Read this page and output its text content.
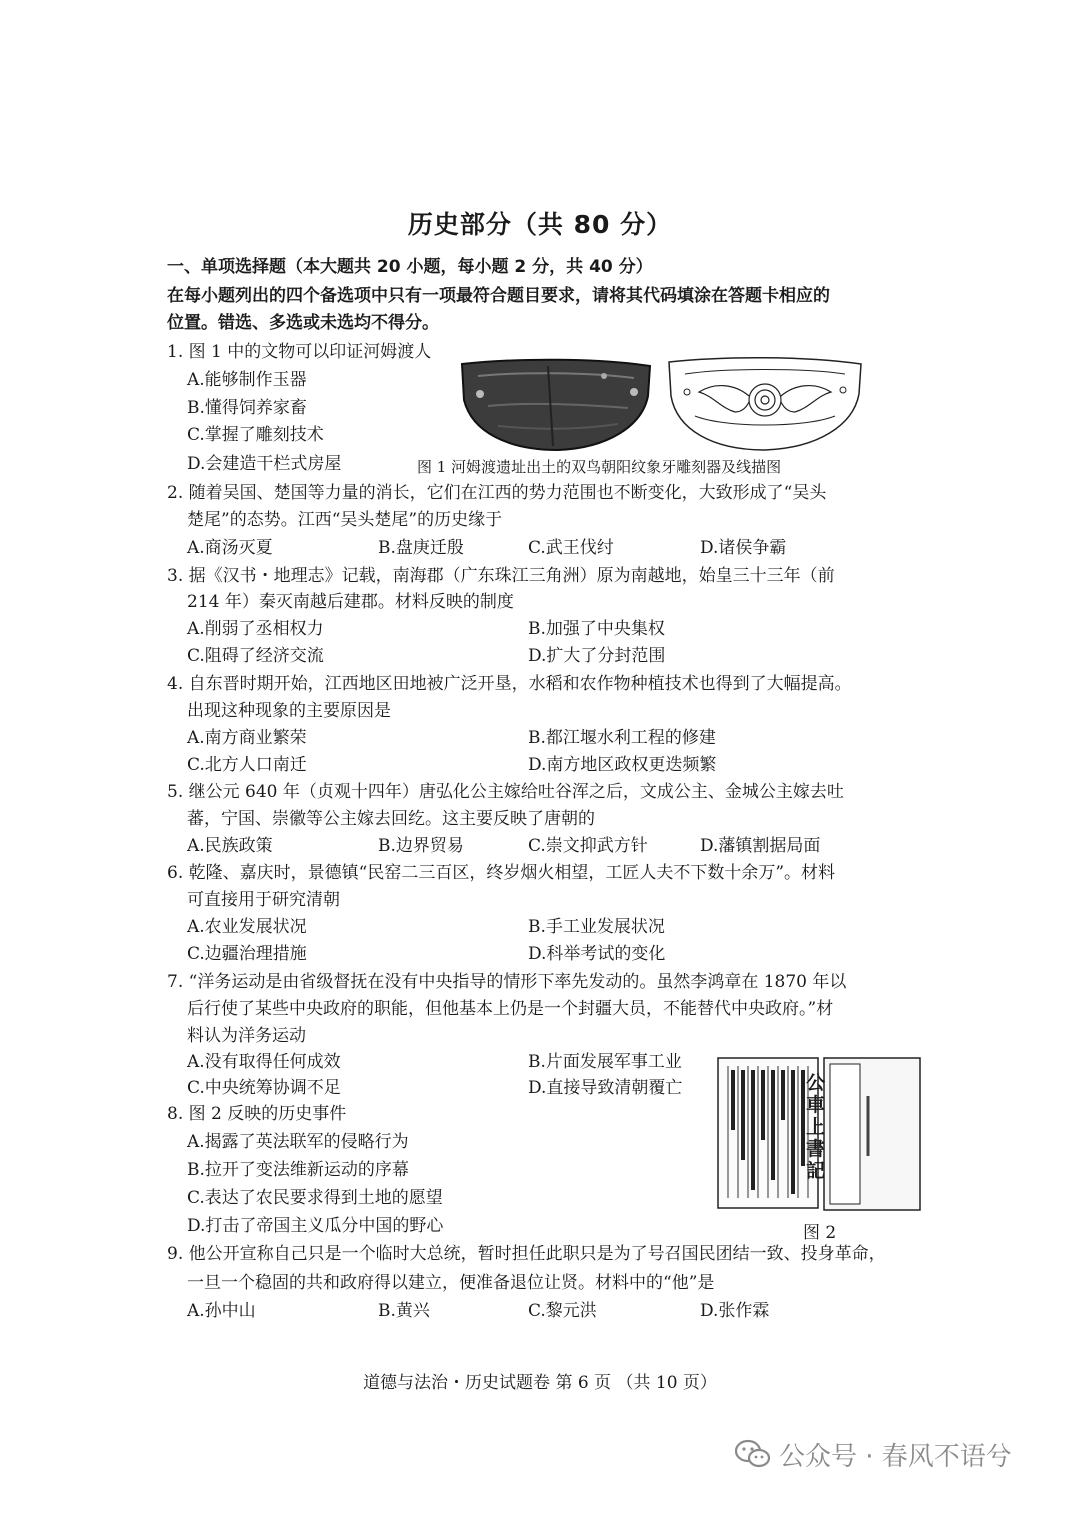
历史部分（共 80 分）
一、单项选择题（本大题共 20 小题，每小题 2 分，共 40 分）
在每小题列出的四个备选项中只有一项最符合题目要求，请将其代码填涂在答题卡相应的
位置。错选、多选或未选均不得分。
1. 图 1 中的文物可以印证河姆渡人
A.能够制作玉器
B.懂得饲养家畜
C.掌握了雕刻技术
D.会建造干栏式房屋	图 1 河姆渡遗址出土的双鸟朝阳纹象牙雕刻器及线描图
2. 随着吴国、楚国等力量的消长，它们在江西的势力范围也不断变化，大致形成了“吴头
楚尾”的态势。江西“吴头楚尾”的历史缘于
A.商汤灭夏	B.盘庚迁殷	C.武王伐纣	D.诸侯争霸
3. 据《汉书・地理志》记载，南海郡（广东珠江三角洲）原为南越地，始皇三十三年（前
214 年）秦灭南越后建郡。材料反映的制度
A.削弱了丞相权力	B.加强了中央集权
C.阻碍了经济交流	D.扩大了分封范围
4. 自东晋时期开始，江西地区田地被广泛开垦，水稻和农作物种植技术也得到了大幅提高。
出现这种现象的主要原因是
A.南方商业繁荣	B.都江堰水利工程的修建
C.北方人口南迁	D.南方地区政权更迭频繁
5. 继公元 640 年（贞观十四年）唐弘化公主嫁给吐谷浑之后，文成公主、金城公主嫁去吐
蕃，宁国、崇徽等公主嫁去回纥。这主要反映了唐朝的
A.民族政策	B.边界贸易	C.崇文抑武方针	D.藩镇割据局面
6. 乾隆、嘉庆时，景德镇“民窑二三百区，终岁烟火相望，工匠人夫不下数十余万”。材料
可直接用于研究清朝
A.农业发展状况	B.手工业发展状况
C.边疆治理措施	D.科举考试的变化
7. “洋务运动是由省级督抚在没有中央指导的情形下率先发动的。虽然李鸿章在 1870 年以
后行使了某些中央政府的职能，但他基本上仍是一个封疆大员，不能替代中央政府。”材
料认为洋务运动
A.没有取得任何成效	B.片面发展军事工业
C.中央统筹协调不足	D.直接导致清朝覆亡
8. 图 2 反映的历史事件
A.揭露了英法联军的侵略行为
B.拉开了变法维新运动的序幕
C.表达了农民要求得到土地的愿望
D.打击了帝国主义瓜分中国的野心
公車上書記
图 2
9. 他公开宣称自己只是一个临时大总统，暂时担任此职只是为了号召国民团结一致、投身革命，
一旦一个稳固的共和政府得以建立，便准备退位让贤。材料中的“他”是
A.孙中山	B.黄兴	C.黎元洪	D.张作霖
道德与法治・历史试题卷 第 6 页 （共 10 页）
公众号 · 春风不语兮
